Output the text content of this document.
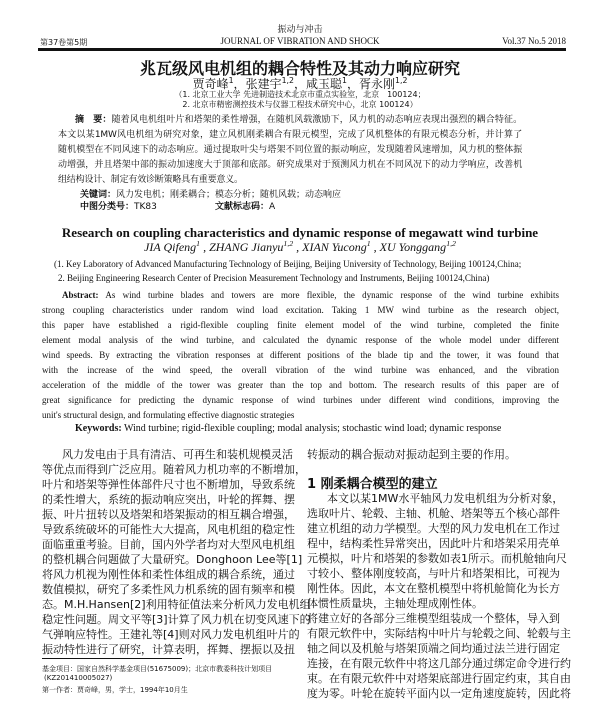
振动与冲击
第37卷第5期	JOURNAL OF VIBRATION AND SHOCK	Vol.37 No.5 2018
兆瓦级风电机组的耦合特性及其动力响应研究
贾奇峰$^1$，张建宇$^{1,2}$，咸玉聪$^1$，胥永刚$^{1,2}$
（1. 北京工业大学 先进制造技术北京市重点实验室，北京　100124；
2. 北京市精密测控技术与仪器工程技术研究中心，北京 100124）
摘　要：随着风电机组叶片和塔架的柔性增强，在随机风载激励下，风力机的动态响应表现出强烈的耦合特征。
本文以某1MW风电机组为研究对象，建立风机刚柔耦合有限元模型，完成了风机整体的有限元模态分析，并计算了
随机模型在不同风速下的动态响应。通过提取叶尖与塔架不同位置的振动响应，发现随着风速增加，风力机的整体振
动增强，并且塔架中部的振动加速度大于顶部和底部。研究成果对于预测风力机在不同风况下的动力学响应，改善机
组结构设计、制定有效诊断策略具有重要意义。
关键词：风力发电机；刚柔耦合；模态分析；随机风载；动态响应
中图分类号：TK83	文献标志码：A
Research on coupling characteristics and dynamic response of megawatt wind turbine
JIA Qifeng$^1$ , ZHANG Jianyu$^{1,2}$ , XIAN Yucong$^1$ , XU Yonggang$^{1,2}$
(1. Key Laboratory of Advanced Manufacturing Technology of Beijing, Beijing University of Technology, Beijing 100124,China;
2. Beijing Engineering Research Center of Precision Measurement Technology and Instruments, Beijing 100124,China)
Abstract: As wind turbine blades and towers are more flexible, the dynamic response of the wind turbine exhibits
strong coupling characteristics under random wind load excitation. Taking 1 MW wind turbine as the research object,
this paper have established a rigid-flexible coupling finite element model of the wind turbine, completed the finite
element modal analysis of the wind turbine, and calculated the dynamic response of the whole model under different
wind speeds. By extracting the vibration responses at different positions of the blade tip and the tower, it was found that
with the increase of the wind speed, the overall vibration of the wind turbine was enhanced, and the vibration
acceleration of the middle of the tower was greater than the top and bottom. The research results of this paper are of
great significance for predicting the dynamic response of wind turbines under different wind conditions, improving the
unit's structural design, and formulating effective diagnostic strategies
Keywords: Wind turbine; rigid-flexible coupling; modal analysis; stochastic wind load; dynamic response
风力发电由于具有清洁、可再生和装机规模灵活
等优点而得到广泛应用。随着风力机功率的不断增加，
叶片和塔架等弹性体部件尺寸也不断增加，导致系统
的柔性增大，系统的振动响应突出，叶轮的挥舞、摆
振、叶片扭转以及塔架和塔架振动的相互耦合增强，
导致系统破坏的可能性大大提高，风电机组的稳定性
面临重重考验。目前，国内外学者均对大型风电机组
的整机耦合问题做了大量研究。Donghoon Lee等[1]
将风力机视为刚性体和柔性体组成的耦合系统，通过
数值模拟，研究了多柔性风力机系统的固有频率和模
态。M.H.Hansen[2]利用特征值法来分析风力发电机组
稳定性问题。周文平等[3]计算了风力机在切变风速下的
气弹响应特性。王建礼等[4]则对风力发电机组叶片的
振动特性进行了研究，计算表明，挥舞、摆振以及扭
基金项目：国家自然科学基金项目(51675009)；北京市教委科技计划项目
(KZ201410005027)
第一作者：贾奇峰，男，学士，1994年10月生
转振动的耦合振动对振动起到主要的作用。
1 刚柔耦合模型的建立
本文以某1MW水平轴风力发电机组为分析对象，
选取叶片、轮毂、主轴、机舱、塔架等五个核心部件
建立机组的动力学模型。大型的风力发电机在工作过
程中，结构柔性异常突出，因此叶片和塔架采用壳单
元模拟，叶片和塔架的参数如表1所示。而机舱轴向尺
寸较小、整体刚度较高，与叶片和塔架相比，可视为
刚性体。因此，本文在整机模型中将机舱简化为长方
体惯性质量块，主轴处理成刚性体。
将建立好的各部分三维模型组装成一个整体，导入到
有限元软件中，实际结构中叶片与轮毂之间、轮毂与主
轴之间以及机舱与塔架顶端之间均通过法兰进行固定
连接，在有限元软件中将这几部分通过绑定命令进行约
束。在有限元软件中对塔架底部进行固定约束，其自由
度为零。叶轮在旋转平面内以一定角速度旋转，因此将
